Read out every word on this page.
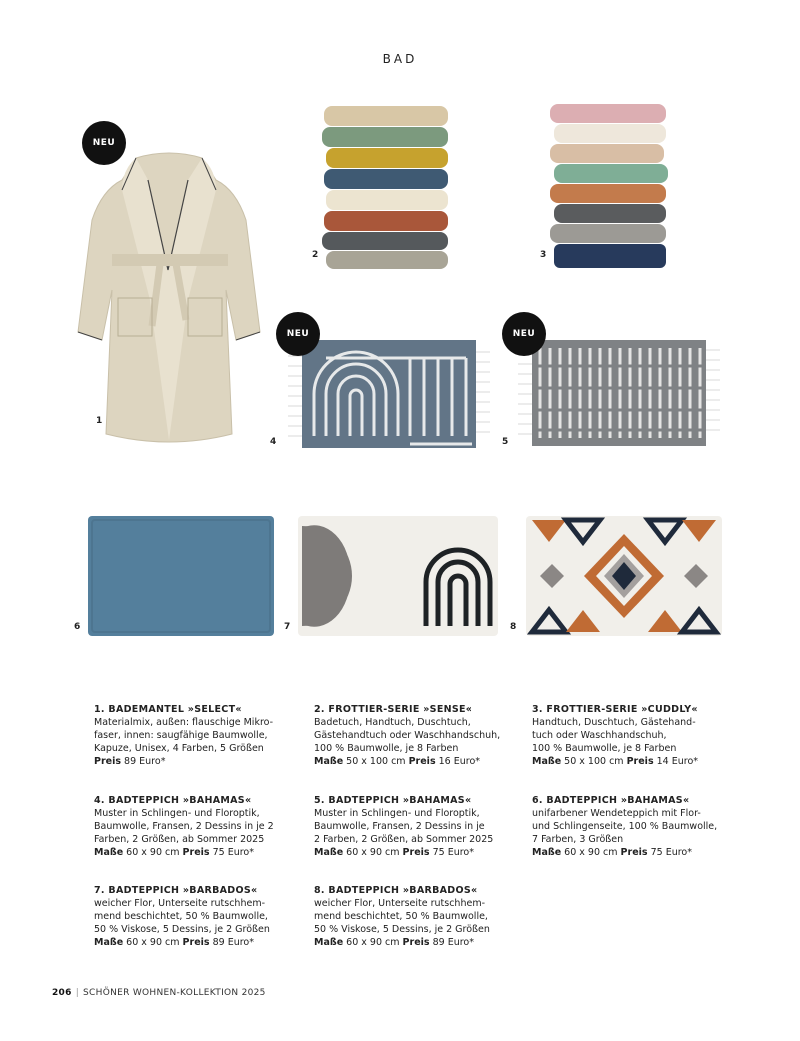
BAD
NEU
1
2	3
NEU
4
NEU
5
6	7	8
1. BADEMANTEL »SELECT«
Materialmix, außen: flauschige Mikro-
faser, innen: saugfähige Baumwolle,
Kapuze, Unisex, 4 Farben, 5 Größen
Preis 89 Euro*
2. FROTTIER-SERIE »SENSE«
Badetuch, Handtuch, Duschtuch,
Gästehandtuch oder Waschhandschuh,
100 % Baumwolle, je 8 Farben
Maße 50 x 100 cm Preis 16 Euro*
3. FROTTIER-SERIE »CUDDLY«
Handtuch, Duschtuch, Gästehand-
tuch oder Waschhandschuh,
100 % Baumwolle, je 8 Farben
Maße 50 x 100 cm Preis 14 Euro*
4. BADTEPPICH »BAHAMAS«
Muster in Schlingen- und Floroptik,
Baumwolle, Fransen, 2 Dessins in je 2
Farben, 2 Größen, ab Sommer 2025
Maße 60 x 90 cm Preis 75 Euro*
5. BADTEPPICH »BAHAMAS«
Muster in Schlingen- und Floroptik,
Baumwolle, Fransen, 2 Dessins in je
2 Farben, 2 Größen, ab Sommer 2025
Maße 60 x 90 cm Preis 75 Euro*
6. BADTEPPICH »BAHAMAS«
unifarbener Wendeteppich mit Flor-
und Schlingenseite, 100 % Baumwolle,
7 Farben, 3 Größen
Maße 60 x 90 cm Preis 75 Euro*
7. BADTEPPICH »BARBADOS«
weicher Flor, Unterseite rutschhem-
mend beschichtet, 50 % Baumwolle,
50 % Viskose, 5 Dessins, je 2 Größen
Maße 60 x 90 cm Preis 89 Euro*
8. BADTEPPICH »BARBADOS«
weicher Flor, Unterseite rutschhem-
mend beschichtet, 50 % Baumwolle,
50 % Viskose, 5 Dessins, je 2 Größen
Maße 60 x 90 cm Preis 89 Euro*
206 | SCHÖNER WOHNEN-KOLLEKTION 2025
